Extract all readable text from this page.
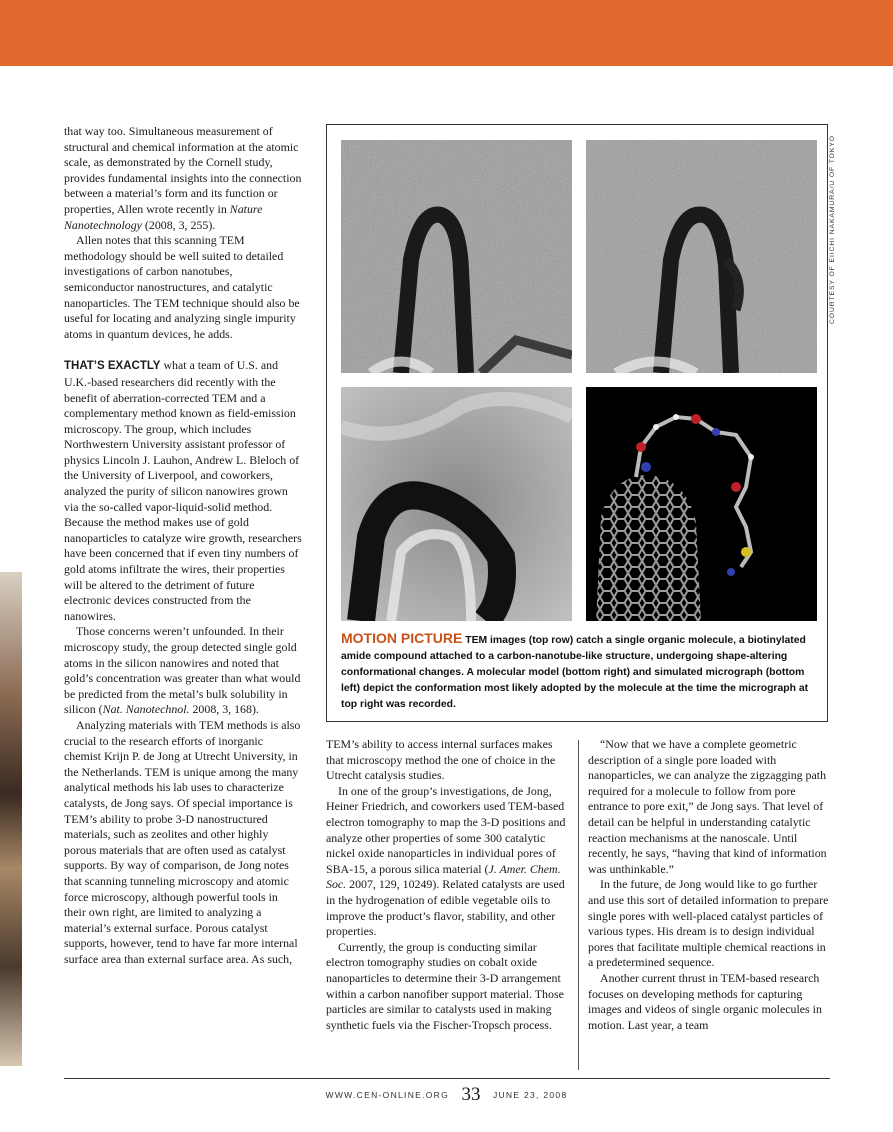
that way too. Simultaneous measurement of structural and chemical information at the atomic scale, as demonstrated by the Cornell study, provides fundamental insights into the connection between a material’s form and its function or properties, Allen wrote recently in Nature Nanotechnology (2008, 3, 255).

Allen notes that this scanning TEM methodology should be well suited to detailed investigations of carbon nanotubes, semiconductor nanostructures, and catalytic nanoparticles. The TEM technique should also be useful for locating and analyzing single impurity atoms in quantum devices, he adds.

THAT’S EXACTLY what a team of U.S. and U.K.-based researchers did recently with the benefit of aberration-corrected TEM and a complementary method known as field-emission microscopy. The group, which includes Northwestern University assistant professor of physics Lincoln J. Lauhon, Andrew L. Bleloch of the University of Liverpool, and coworkers, analyzed the purity of silicon nanowires grown via the so-called vapor-liquid-solid method. Because the method makes use of gold nanoparticles to catalyze wire growth, researchers have been concerned that if even tiny numbers of gold atoms infiltrate the wires, their properties will be altered to the detriment of future electronic devices constructed from the nanowires.

Those concerns weren’t unfounded. In their microscopy study, the group detected single gold atoms in the silicon nanowires and noted that gold’s concentration was greater than what would be predicted from the metal’s bulk solubility in silicon (Nat. Nanotechnol. 2008, 3, 168).

Analyzing materials with TEM methods is also crucial to the research efforts of inorganic chemist Krijn P. de Jong at Utrecht University, in the Netherlands. TEM is unique among the many analytical methods his lab uses to characterize catalysts, de Jong says. Of special importance is TEM’s ability to probe 3-D nanostructured materials, such as zeolites and other highly porous materials that are often used as catalyst supports. By way of comparison, de Jong notes that scanning tunneling microscopy and atomic force microscopy, although powerful tools in their own right, are limited to analyzing a material’s external surface. Porous catalyst supports, however, tend to have far more internal surface area than external surface area. As such,

MOTION PICTURE TEM images (top row) catch a single organic molecule, a biotinylated amide compound attached to a carbon-nanotube-like structure, undergoing shape-altering conformational changes. A molecular model (bottom right) and simulated micrograph (bottom left) depict the conformation most likely adopted by the molecule at the time the micrograph at top right was recorded.
COURTESY OF EIICHI NAKAMURA/U OF TOKYO

TEM’s ability to access internal surfaces makes that microscopy method the one of choice in the Utrecht catalysis studies.

In one of the group’s investigations, de Jong, Heiner Friedrich, and coworkers used TEM-based electron tomography to map the 3-D positions and analyze other properties of some 300 catalytic nickel oxide nanoparticles in individual pores of SBA-15, a porous silica material (J. Amer. Chem. Soc. 2007, 129, 10249). Related catalysts are used in the hydrogenation of edible vegetable oils to improve the product’s flavor, stability, and other properties.

Currently, the group is conducting similar electron tomography studies on cobalt oxide nanoparticles to determine their 3-D arrangement within a carbon nanofiber support material. Those particles are similar to catalysts used in making synthetic fuels via the Fischer-Tropsch process.

“Now that we have a complete geometric description of a single pore loaded with nanoparticles, we can analyze the zigzagging path required for a molecule to follow from pore entrance to pore exit,” de Jong says. That level of detail can be helpful in understanding catalytic reaction mechanisms at the nanoscale. Until recently, he says, “having that kind of information was unthinkable.”

In the future, de Jong would like to go further and use this sort of detailed information to prepare single pores with well-placed catalyst particles of various types. His dream is to design individual pores that facilitate multiple chemical reactions in a predetermined sequence.

Another current thrust in TEM-based research focuses on developing methods for capturing images and videos of single organic molecules in motion. Last year, a team

WWW.CEN-ONLINE.ORG 33 JUNE 23, 2008
